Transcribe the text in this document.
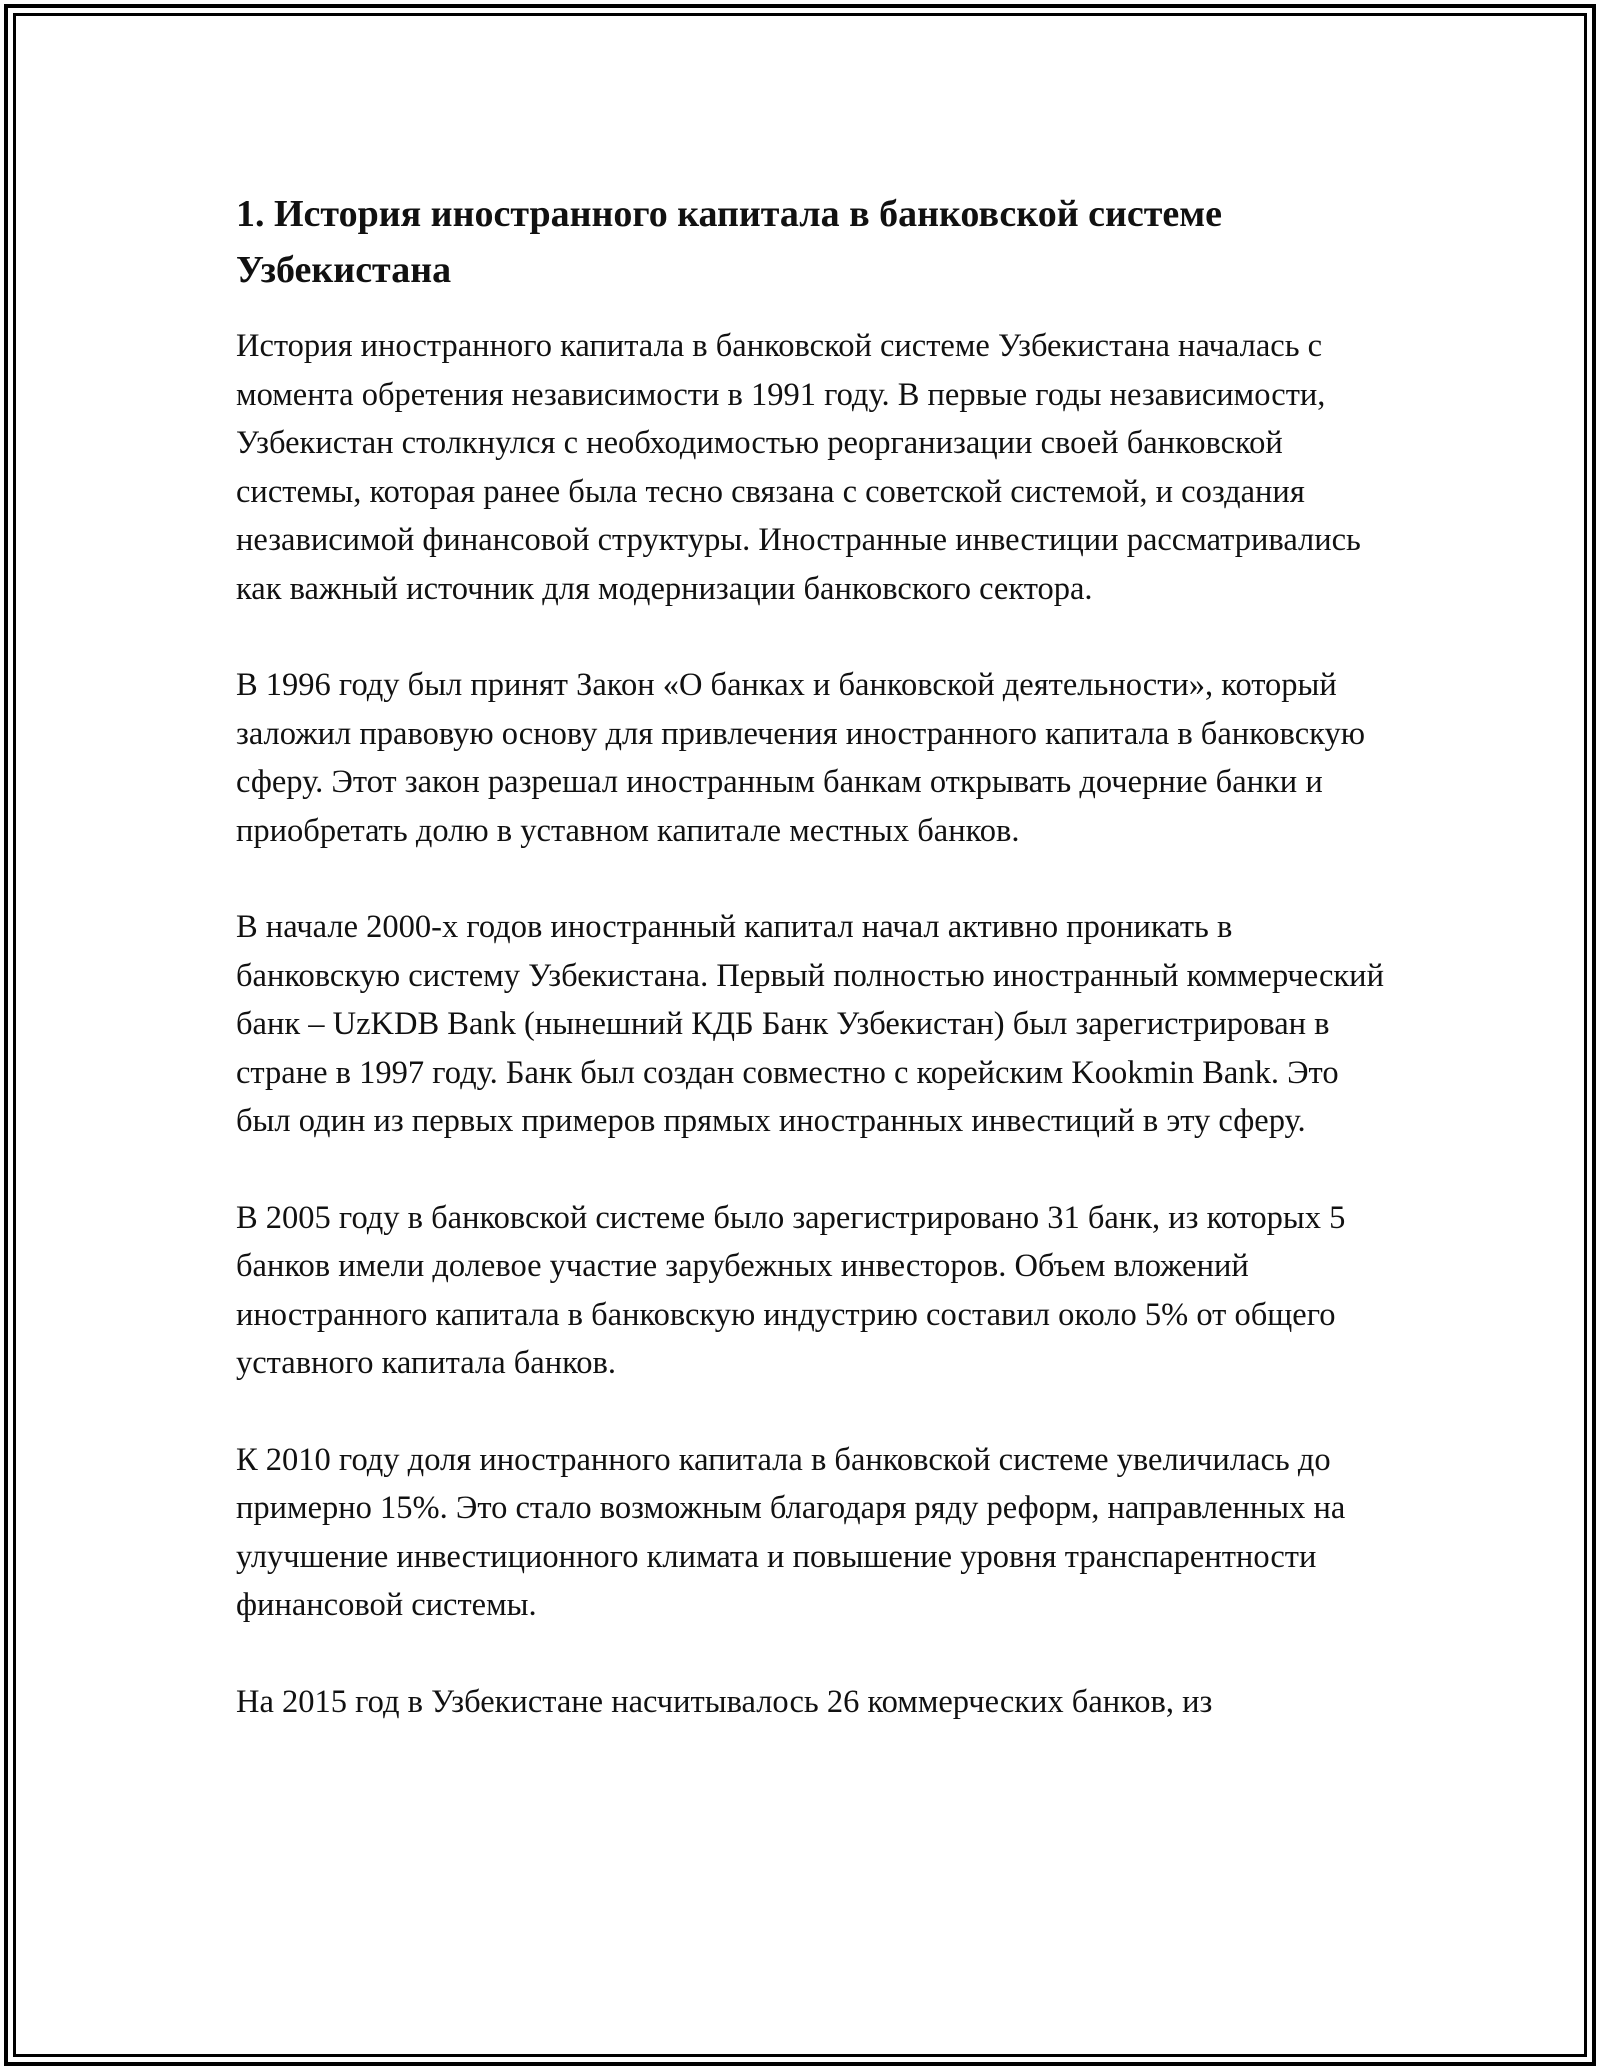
1. История иностранного капитала в банковской системе Узбекистана

История иностранного капитала в банковской системе Узбекистана началась с момента обретения независимости в 1991 году. В первые годы независимости, Узбекистан столкнулся с необходимостью реорганизации своей банковской системы, которая ранее была тесно связана с советской системой, и создания независимой финансовой структуры. Иностранные инвестиции рассматривались как важный источник для модернизации банковского сектора.

В 1996 году был принят Закон «О банках и банковской деятельности», который заложил правовую основу для привлечения иностранного капитала в банковскую сферу. Этот закон разрешал иностранным банкам открывать дочерние банки и приобретать долю в уставном капитале местных банков.

В начале 2000-х годов иностранный капитал начал активно проникать в банковскую систему Узбекистана. Первый полностью иностранный коммерческий банк – UzKDB Bank (нынешний КДБ Банк Узбекистан) был зарегистрирован в стране в 1997 году. Банк был создан совместно с корейским Kookmin Bank. Это был один из первых примеров прямых иностранных инвестиций в эту сферу.

В 2005 году в банковской системе было зарегистрировано 31 банк, из которых 5 банков имели долевое участие зарубежных инвесторов. Объем вложений иностранного капитала в банковскую индустрию составил около 5% от общего уставного капитала банков.

К 2010 году доля иностранного капитала в банковской системе увеличилась до примерно 15%. Это стало возможным благодаря ряду реформ, направленных на улучшение инвестиционного климата и повышение уровня транспарентности финансовой системы.

На 2015 год в Узбекистане насчитывалось 26 коммерческих банков, из
